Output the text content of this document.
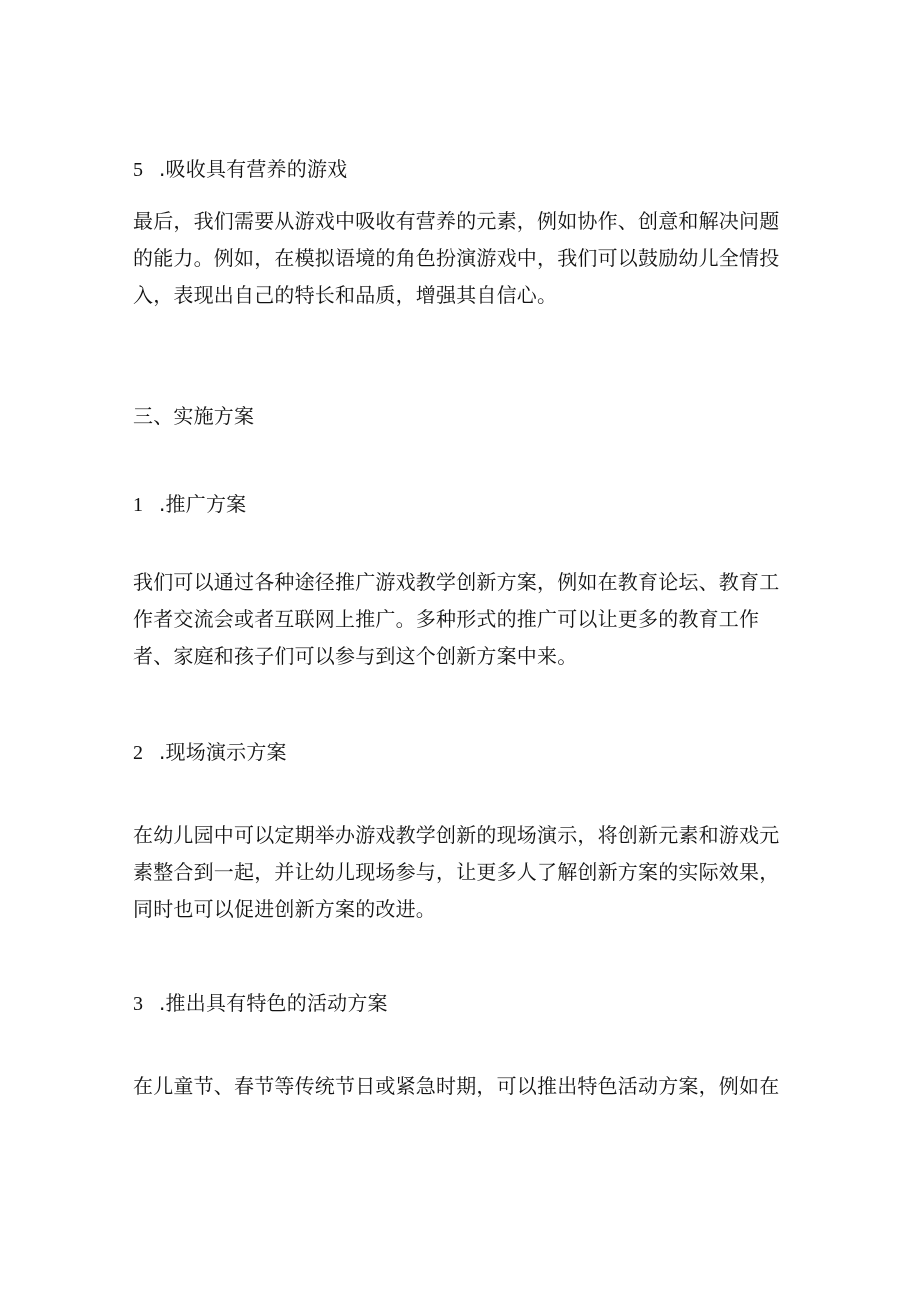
5 .吸收具有营养的游戏
最后，我们需要从游戏中吸收有营养的元素，例如协作、创意和解决问题
的能力。例如，在模拟语境的角色扮演游戏中，我们可以鼓励幼儿全情投
入，表现出自己的特长和品质，增强其自信心。
三、实施方案
1 .推广方案
我们可以通过各种途径推广游戏教学创新方案，例如在教育论坛、教育工
作者交流会或者互联网上推广。多种形式的推广可以让更多的教育工作
者、家庭和孩子们可以参与到这个创新方案中来。
2 .现场演示方案
在幼儿园中可以定期举办游戏教学创新的现场演示，将创新元素和游戏元
素整合到一起，并让幼儿现场参与，让更多人了解创新方案的实际效果，
同时也可以促进创新方案的改进。
3 .推出具有特色的活动方案
在儿童节、春节等传统节日或紧急时期，可以推出特色活动方案，例如在
